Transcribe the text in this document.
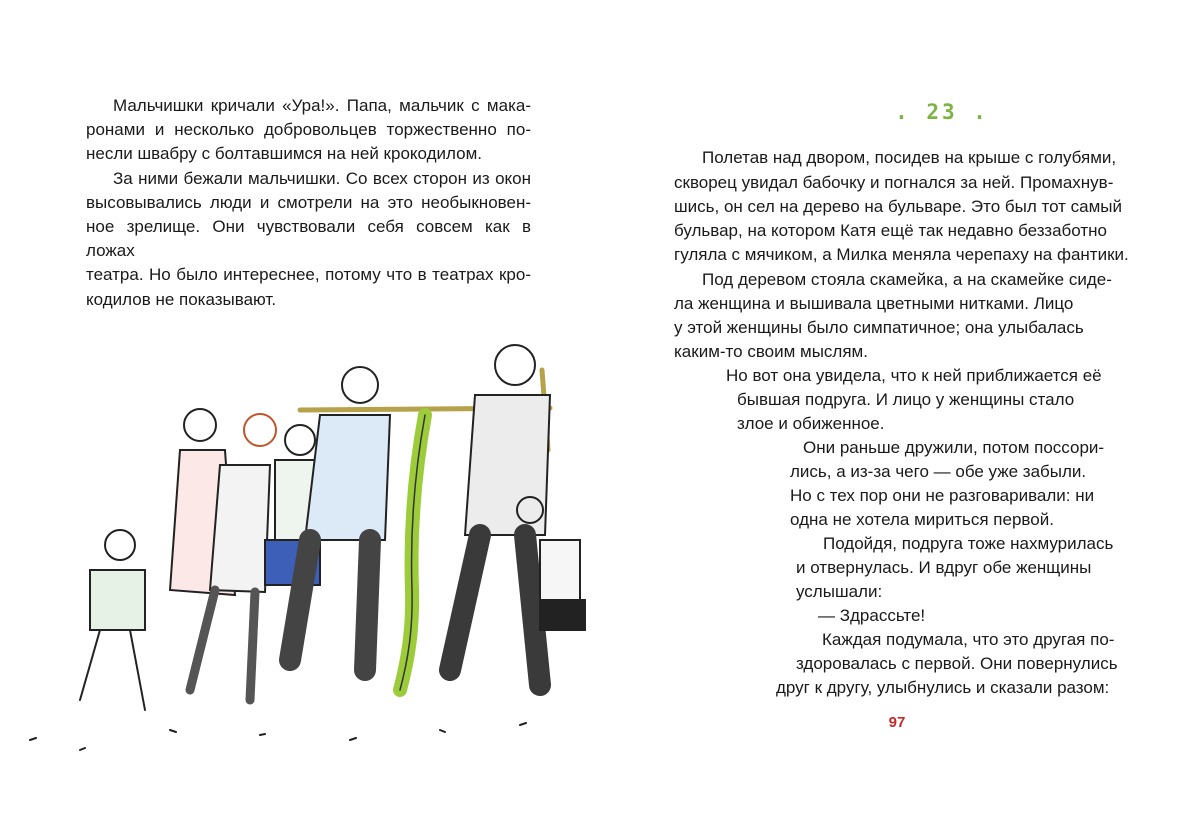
Мальчишки кричали «Ура!». Папа, мальчик с мака-
ронами и несколько добровольцев торжественно по-
несли швабру с болтавшимся на ней крокодилом.
За ними бежали мальчишки. Со всех сторон из окон
высовывались люди и смотрели на это необыкновен-
ное зрелище. Они чувствовали себя совсем как в ложах
театра. Но было интереснее, потому что в театрах кро-
кодилов не показывают.
. 23 .
Полетав над двором, посидев на крыше с голубями,
скворец увидал бабочку и погнался за ней. Промахнув-
шись, он сел на дерево на бульваре. Это был тот самый
бульвар, на котором Катя ещё так недавно беззаботно
гуляла с мячиком, а Милка меняла черепаху на фантики.
Под деревом стояла скамейка, а на скамейке сиде-
ла женщина и вышивала цветными нитками. Лицо
у этой женщины было симпатичное; она улыбалась
каким-то своим мыслям.
Но вот она увидела, что к ней приближается её
бывшая подруга. И лицо у женщины стало
злое и обиженное.
Они раньше дружили, потом поссори-
лись, а из-за чего — обе уже забыли.
Но с тех пор они не разговаривали: ни
одна не хотела мириться первой.
Подойдя, подруга тоже нахмурилась
и отвернулась. И вдруг обе женщины
услышали:
— Здрассьте!
Каждая подумала, что это другая по-
здоровалась с первой. Они повернулись
друг к другу, улыбнулись и сказали разом:
97
